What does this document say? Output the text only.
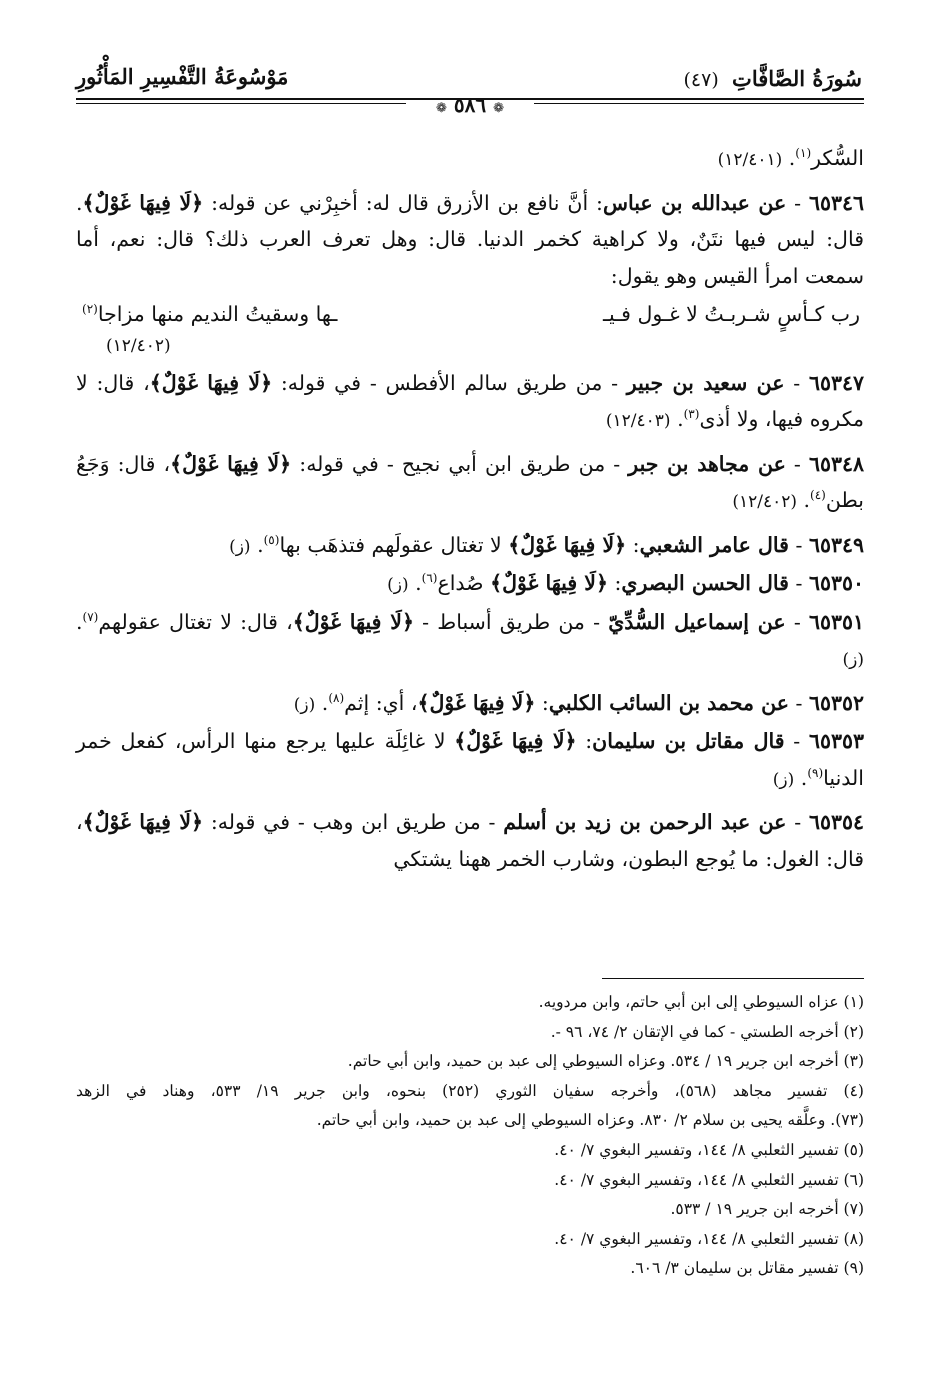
سُورَةُ الصَّافَّاتِ (٤٧)
مَوْسُوعَةُ التَّفْسِيرِ المَأْثُورِ
❁ ٥٨٦ ❁

السُّكر$^{(١)}$. (١٢/٤٠١)

٦٥٣٤٦ - عن عبدالله بن عباس: أنَّ نافع بن الأزرق قال له: أخبِرْني عن قوله: ﴿لَا فِيهَا غَوْلٌ﴾. قال: ليس فيها نتَنٌ، ولا كراهية كخمر الدنيا. قال: وهل تعرف العرب ذلك؟ قال: نعم، أما سمعت امرأ القيس وهو يقول:

رب كـأسٍ شـربـتُ لا غـول فـيـ
ـها وسقيتُ النديم منها مزاجا$^{(٢)}$
(١٢/٤٠٢)

٦٥٣٤٧ - عن سعيد بن جبير - من طريق سالم الأفطس - في قوله: ﴿لَا فِيهَا غَوْلٌ﴾، قال: لا مكروه فيها، ولا أذى$^{(٣)}$. (١٢/٤٠٣)

٦٥٣٤٨ - عن مجاهد بن جبر - من طريق ابن أبي نجيح - في قوله: ﴿لَا فِيهَا غَوْلٌ﴾، قال: وَجَعُ بطن$^{(٤)}$. (١٢/٤٠٢)

٦٥٣٤٩ - قال عامر الشعبي: ﴿لَا فِيهَا غَوْلٌ﴾ لا تغتال عقولَهم فتذهَب بها$^{(٥)}$. (ز)

٦٥٣٥٠ - قال الحسن البصري: ﴿لَا فِيهَا غَوْلٌ﴾ صُداع$^{(٦)}$. (ز)

٦٥٣٥١ - عن إسماعيل السُّدِّيّ - من طريق أسباط - ﴿لَا فِيهَا غَوْلٌ﴾، قال: لا تغتال عقولهم$^{(٧)}$. (ز)

٦٥٣٥٢ - عن محمد بن السائب الكلبي: ﴿لَا فِيهَا غَوْلٌ﴾، أي: إثم$^{(٨)}$. (ز)

٦٥٣٥٣ - قال مقاتل بن سليمان: ﴿لَا فِيهَا غَوْلٌ﴾ لا غائِلَة عليها يرجع منها الرأس، كفعل خمر الدنيا$^{(٩)}$. (ز)

٦٥٣٥٤ - عن عبد الرحمن بن زيد بن أسلم - من طريق ابن وهب - في قوله: ﴿لَا فِيهَا غَوْلٌ﴾، قال: الغول: ما يُوجع البطون، وشارب الخمر ههنا يشتكي

(١) عزاه السيوطي إلى ابن أبي حاتم، وابن مردويه.

(٢) أخرجه الطستي - كما في الإتقان ٢/ ٧٤، ٩٦ -.

(٣) أخرجه ابن جرير ١٩ / ٥٣٤. وعزاه السيوطي إلى عبد بن حميد، وابن أبي حاتم.

(٤) تفسير مجاهد (٥٦٨)، وأخرجه سفيان الثوري (٢٥٢) بنحوه، وابن جرير ١٩/ ٥٣٣، وهناد في الزهد

(٧٣). وعلَّقه يحيى بن سلام ٢/ ٨٣٠. وعزاه السيوطي إلى عبد بن حميد، وابن أبي حاتم.

(٥) تفسير الثعلبي ٨/ ١٤٤، وتفسير البغوي ٧/ ٤٠.

(٦) تفسير الثعلبي ٨/ ١٤٤، وتفسير البغوي ٧/ ٤٠.

(٧) أخرجه ابن جرير ١٩ / ٥٣٣.

(٨) تفسير الثعلبي ٨/ ١٤٤، وتفسير البغوي ٧/ ٤٠.

(٩) تفسير مقاتل بن سليمان ٣/ ٦٠٦.
